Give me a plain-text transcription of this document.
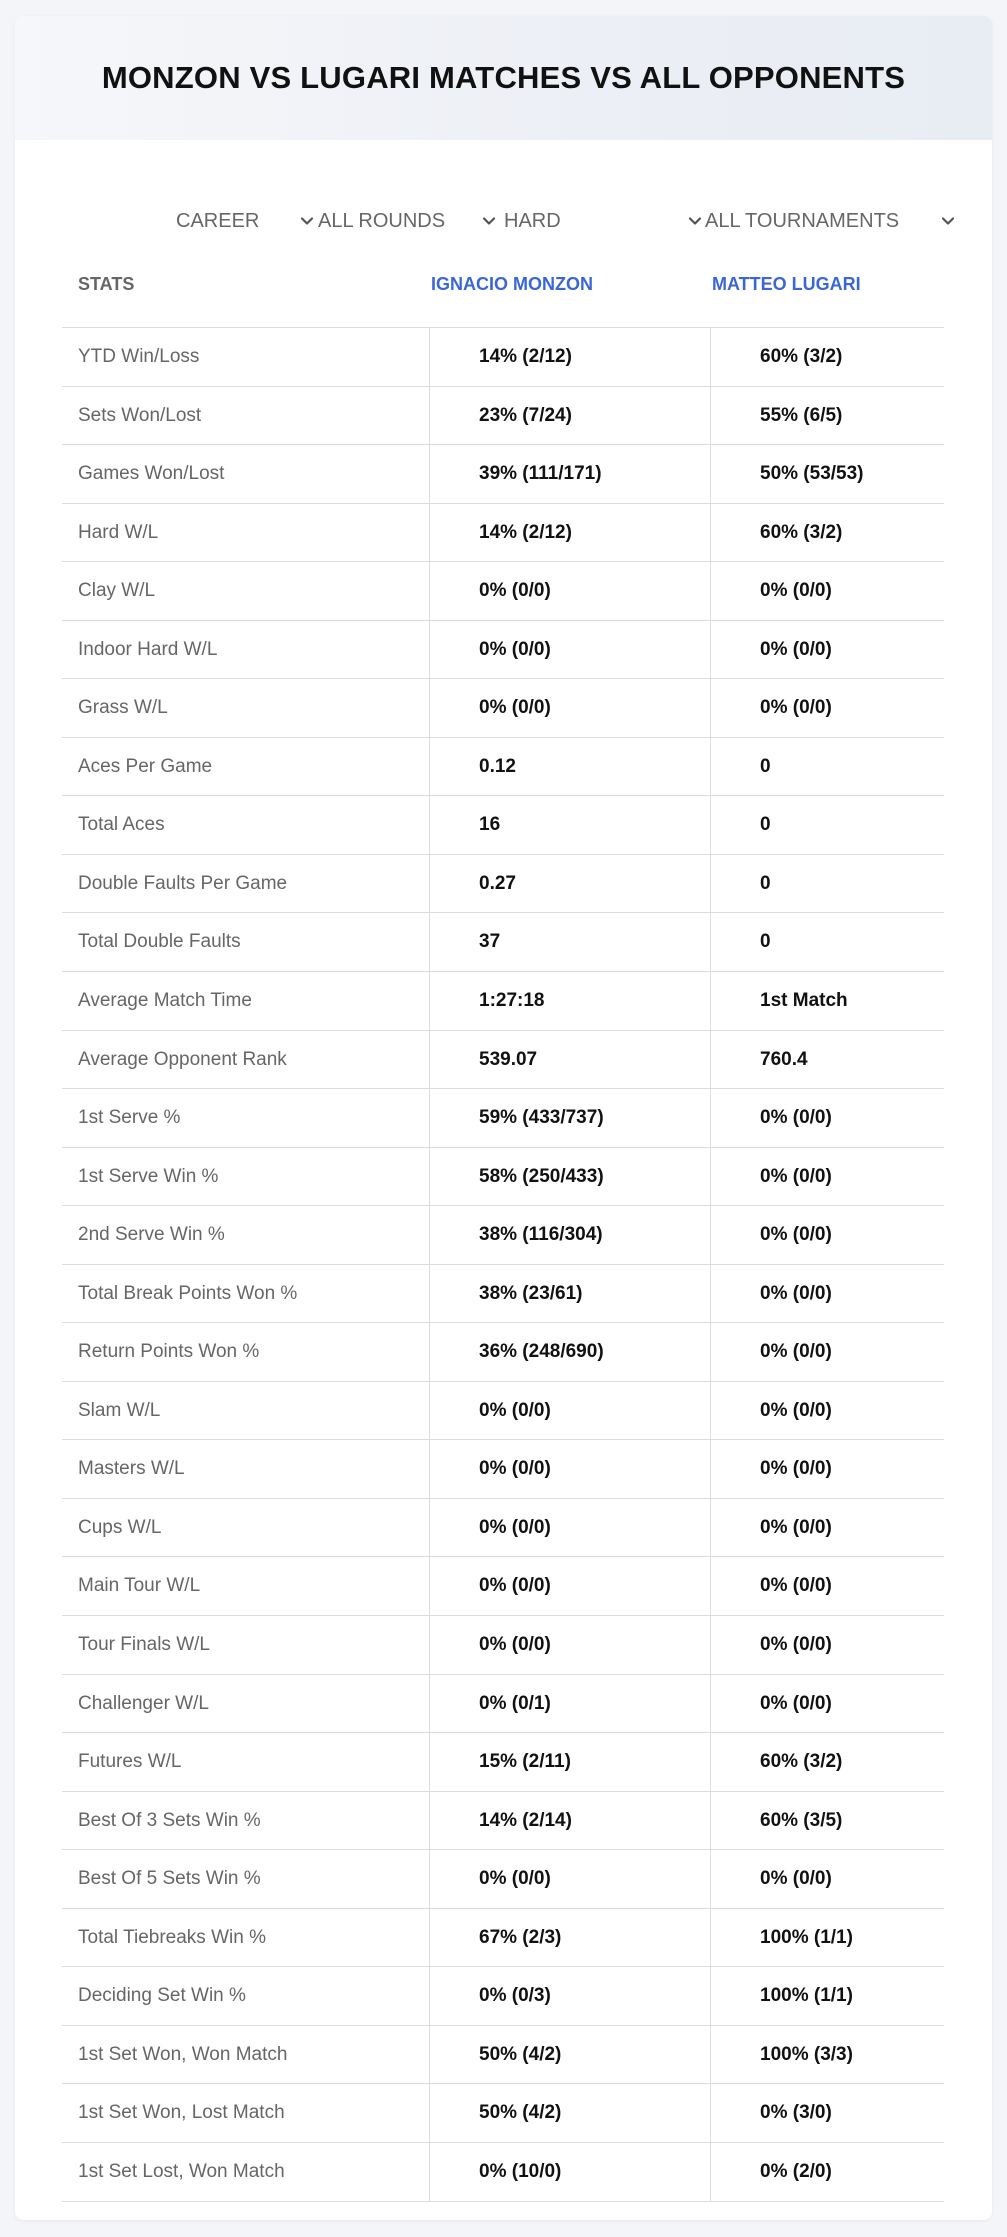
MONZON VS LUGARI MATCHES VS ALL OPPONENTS
CAREER	ALL ROUNDS	HARD	ALL TOURNAMENTS
STATS	IGNACIO MONZON	MATTEO LUGARI
YTD Win/Loss	14% (2/12)	60% (3/2)
Sets Won/Lost	23% (7/24)	55% (6/5)
Games Won/Lost	39% (111/171)	50% (53/53)
Hard W/L	14% (2/12)	60% (3/2)
Clay W/L	0% (0/0)	0% (0/0)
Indoor Hard W/L	0% (0/0)	0% (0/0)
Grass W/L	0% (0/0)	0% (0/0)
Aces Per Game	0.12	0
Total Aces	16	0
Double Faults Per Game	0.27	0
Total Double Faults	37	0
Average Match Time	1:27:18	1st Match
Average Opponent Rank	539.07	760.4
1st Serve %	59% (433/737)	0% (0/0)
1st Serve Win %	58% (250/433)	0% (0/0)
2nd Serve Win %	38% (116/304)	0% (0/0)
Total Break Points Won %	38% (23/61)	0% (0/0)
Return Points Won %	36% (248/690)	0% (0/0)
Slam W/L	0% (0/0)	0% (0/0)
Masters W/L	0% (0/0)	0% (0/0)
Cups W/L	0% (0/0)	0% (0/0)
Main Tour W/L	0% (0/0)	0% (0/0)
Tour Finals W/L	0% (0/0)	0% (0/0)
Challenger W/L	0% (0/1)	0% (0/0)
Futures W/L	15% (2/11)	60% (3/2)
Best Of 3 Sets Win %	14% (2/14)	60% (3/5)
Best Of 5 Sets Win %	0% (0/0)	0% (0/0)
Total Tiebreaks Win %	67% (2/3)	100% (1/1)
Deciding Set Win %	0% (0/3)	100% (1/1)
1st Set Won, Won Match	50% (4/2)	100% (3/3)
1st Set Won, Lost Match	50% (4/2)	0% (3/0)
1st Set Lost, Won Match	0% (10/0)	0% (2/0)
